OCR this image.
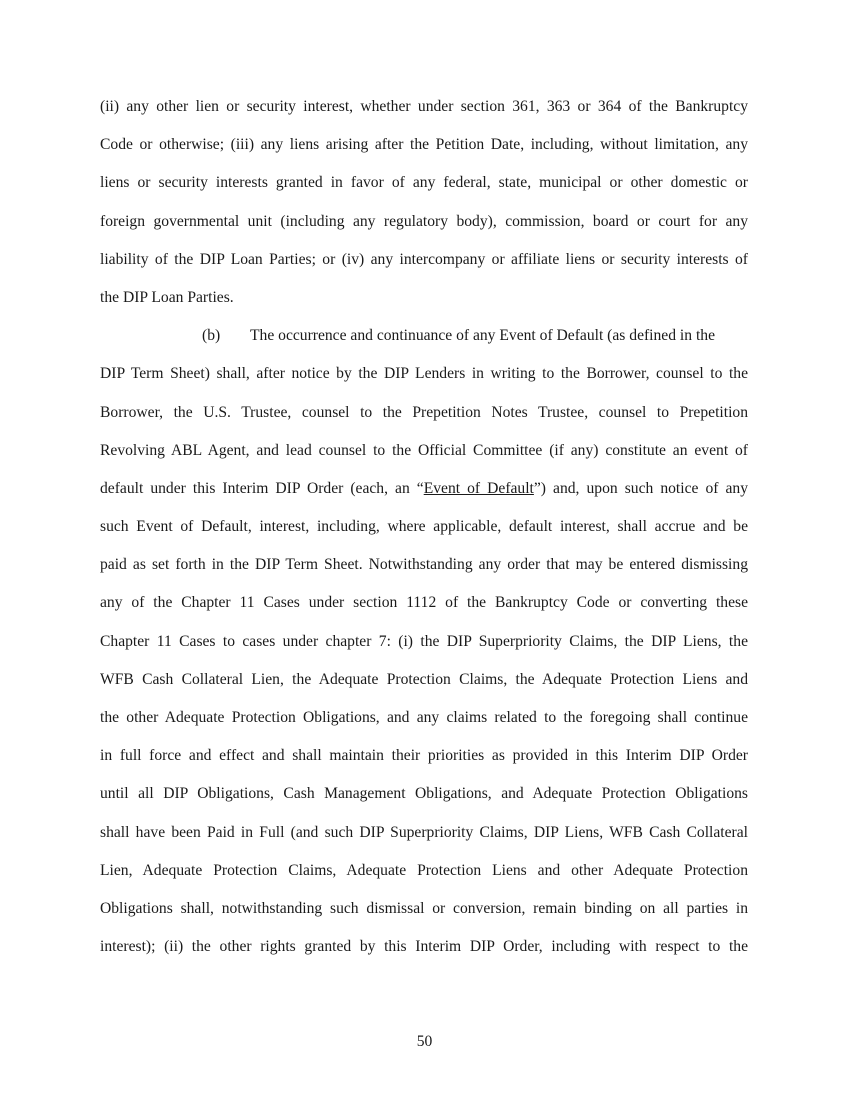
(ii) any other lien or security interest, whether under section 361, 363 or 364 of the Bankruptcy
Code or otherwise; (iii) any liens arising after the Petition Date, including, without limitation, any
liens or security interests granted in favor of any federal, state, municipal or other domestic or
foreign governmental unit (including any regulatory body), commission, board or court for any
liability of the DIP Loan Parties; or (iv) any intercompany or affiliate liens or security interests of
the DIP Loan Parties.
(b) The occurrence and continuance of any Event of Default (as defined in the
DIP Term Sheet) shall, after notice by the DIP Lenders in writing to the Borrower, counsel to the
Borrower, the U.S. Trustee, counsel to the Prepetition Notes Trustee, counsel to Prepetition
Revolving ABL Agent, and lead counsel to the Official Committee (if any) constitute an event of
default under this Interim DIP Order (each, an “Event of Default”) and, upon such notice of any
such Event of Default, interest, including, where applicable, default interest, shall accrue and be
paid as set forth in the DIP Term Sheet. Notwithstanding any order that may be entered dismissing
any of the Chapter 11 Cases under section 1112 of the Bankruptcy Code or converting these
Chapter 11 Cases to cases under chapter 7: (i) the DIP Superpriority Claims, the DIP Liens, the
WFB Cash Collateral Lien, the Adequate Protection Claims, the Adequate Protection Liens and
the other Adequate Protection Obligations, and any claims related to the foregoing shall continue
in full force and effect and shall maintain their priorities as provided in this Interim DIP Order
until all DIP Obligations, Cash Management Obligations, and Adequate Protection Obligations
shall have been Paid in Full (and such DIP Superpriority Claims, DIP Liens, WFB Cash Collateral
Lien, Adequate Protection Claims, Adequate Protection Liens and other Adequate Protection
Obligations shall, notwithstanding such dismissal or conversion, remain binding on all parties in
interest); (ii) the other rights granted by this Interim DIP Order, including with respect to the
50
